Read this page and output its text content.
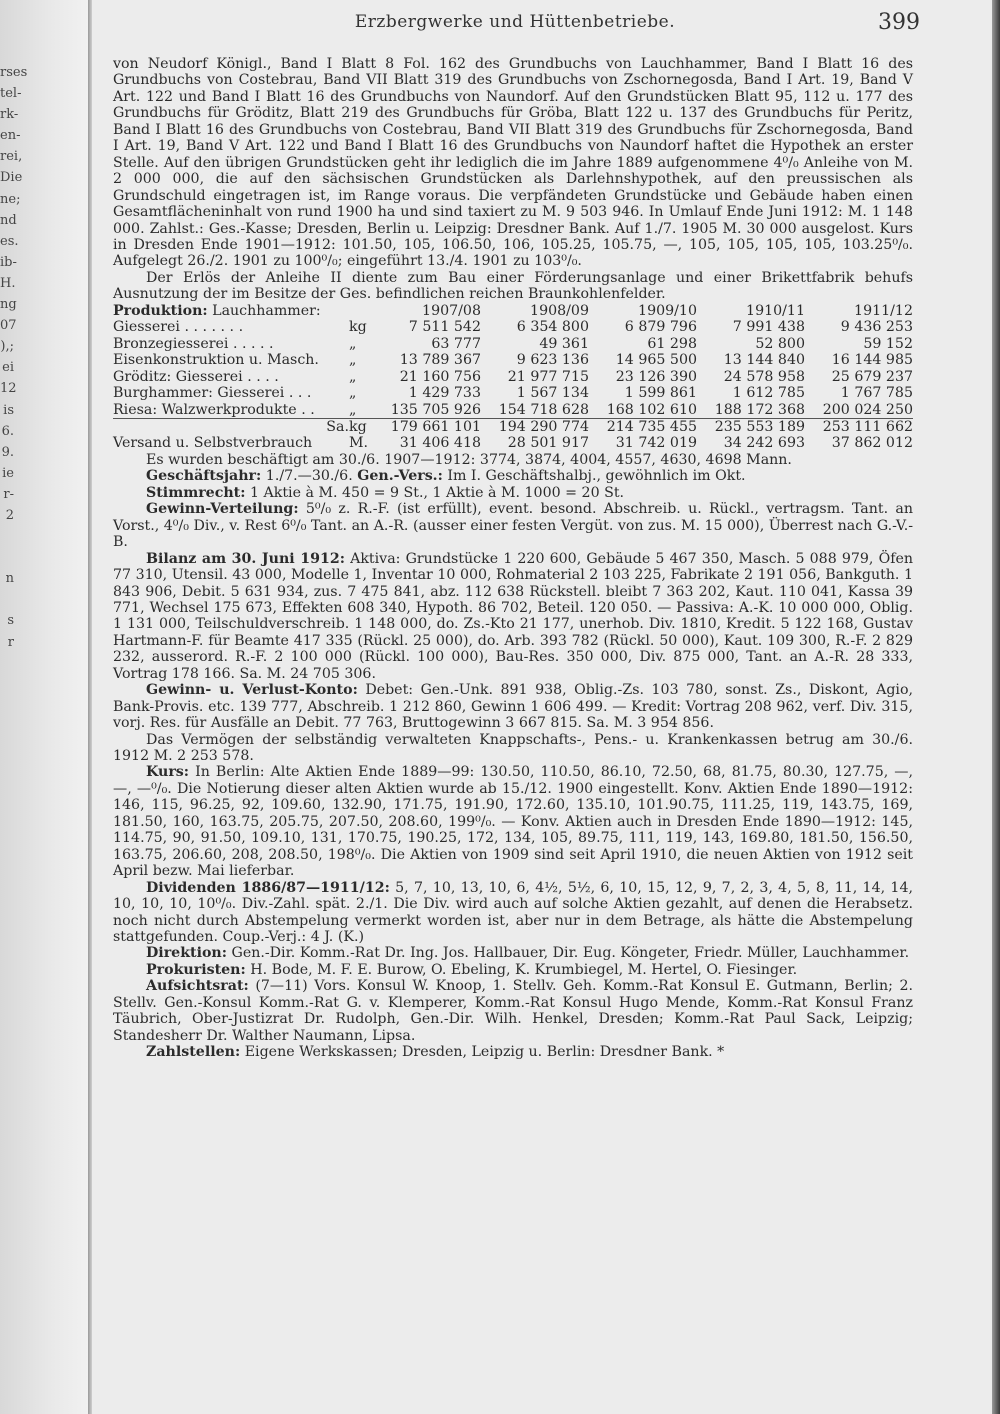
rses
tel-
rk-
en-
rei,
Die
ne;
nd
es.
ib-
H.
ng
07
),;
ei
12
is
6.
9.
ie
r-
2
n
s
r
Erzbergwerke und Hüttenbetriebe.	399

von Neudorf Königl., Band I Blatt 8 Fol. 162 des Grundbuchs von Lauchhammer, Band I Blatt 16 des Grundbuchs von Costebrau, Band VII Blatt 319 des Grundbuchs von Zschornegosda, Band I Art. 19, Band V Art. 122 und Band I Blatt 16 des Grundbuchs von Naundorf. Auf den Grundstücken Blatt 95, 112 u. 177 des Grundbuchs für Gröditz, Blatt 219 des Grundbuchs für Gröba, Blatt 122 u. 137 des Grundbuchs für Peritz, Band I Blatt 16 des Grundbuchs von Costebrau, Band VII Blatt 319 des Grundbuchs für Zschornegosda, Band I Art. 19, Band V Art. 122 und Band I Blatt 16 des Grundbuchs von Naundorf haftet die Hypothek an erster Stelle. Auf den übrigen Grundstücken geht ihr lediglich die im Jahre 1889 aufgenommene 4⁰/₀ Anleihe von M. 2 000 000, die auf den sächsischen Grundstücken als Darlehnshypothek, auf den preussischen als Grundschuld eingetragen ist, im Range voraus. Die verpfändeten Grundstücke und Gebäude haben einen Gesamtflächeninhalt von rund 1900 ha und sind taxiert zu M. 9 503 946. In Umlauf Ende Juni 1912: M. 1 148 000. Zahlst.: Ges.-Kasse; Dresden, Berlin u. Leipzig: Dresdner Bank. Auf 1./7. 1905 M. 30 000 ausgelost. Kurs in Dresden Ende 1901—1912: 101.50, 105, 106.50, 106, 105.25, 105.75, —, 105, 105, 105, 105, 103.25⁰/₀. Aufgelegt 26./2. 1901 zu 100⁰/₀; eingeführt 13./4. 1901 zu 103⁰/₀.

Der Erlös der Anleihe II diente zum Bau einer Förderungsanlage und einer Brikettfabrik behufs Ausnutzung der im Besitze der Ges. befindlichen reichen Braunkohlenfelder.

Produktion: Lauchhammer:		1907/08	1908/09	1909/10	1910/11	1911/12
Giesserei . . . . . . .	kg	7 511 542	6 354 800	6 879 796	7 991 438	9 436 253
Bronzegiesserei . . . . .	„	63 777	49 361	61 298	52 800	59 152
Eisenkonstruktion u. Masch.	„	13 789 367	9 623 136	14 965 500	13 144 840	16 144 985
Gröditz: Giesserei . . . .	„	21 160 756	21 977 715	23 126 390	24 578 958	25 679 237
Burghammer: Giesserei . . .	„	1 429 733	1 567 134	1 599 861	1 612 785	1 767 785
Riesa: Walzwerkprodukte . .	„	135 705 926	154 718 628	168 102 610	188 172 368	200 024 250
Sa.	kg	179 661 101	194 290 774	214 735 455	235 553 189	253 111 662
Versand u. Selbstverbrauch	M.	31 406 418	28 501 917	31 742 019	34 242 693	37 862 012

Es wurden beschäftigt am 30./6. 1907—1912: 3774, 3874, 4004, 4557, 4630, 4698 Mann.

Geschäftsjahr: 1./7.—30./6. Gen.-Vers.: Im I. Geschäftshalbj., gewöhnlich im Okt.

Stimmrecht: 1 Aktie à M. 450 = 9 St., 1 Aktie à M. 1000 = 20 St.

Gewinn-Verteilung: 5⁰/₀ z. R.-F. (ist erfüllt), event. besond. Abschreib. u. Rückl., vertragsm. Tant. an Vorst., 4⁰/₀ Div., v. Rest 6⁰/₀ Tant. an A.-R. (ausser einer festen Vergüt. von zus. M. 15 000), Überrest nach G.-V.-B.

Bilanz am 30. Juni 1912: Aktiva: Grundstücke 1 220 600, Gebäude 5 467 350, Masch. 5 088 979, Öfen 77 310, Utensil. 43 000, Modelle 1, Inventar 10 000, Rohmaterial 2 103 225, Fabrikate 2 191 056, Bankguth. 1 843 906, Debit. 5 631 934, zus. 7 475 841, abz. 112 638 Rückstell. bleibt 7 363 202, Kaut. 110 041, Kassa 39 771, Wechsel 175 673, Effekten 608 340, Hypoth. 86 702, Beteil. 120 050. — Passiva: A.-K. 10 000 000, Oblig. 1 131 000, Teilschuldverschreib. 1 148 000, do. Zs.-Kto 21 177, unerhob. Div. 1810, Kredit. 5 122 168, Gustav Hartmann-F. für Beamte 417 335 (Rückl. 25 000), do. Arb. 393 782 (Rückl. 50 000), Kaut. 109 300, R.-F. 2 829 232, ausserord. R.-F. 2 100 000 (Rückl. 100 000), Bau-Res. 350 000, Div. 875 000, Tant. an A.-R. 28 333, Vortrag 178 166. Sa. M. 24 705 306.

Gewinn- u. Verlust-Konto: Debet: Gen.-Unk. 891 938, Oblig.-Zs. 103 780, sonst. Zs., Diskont, Agio, Bank-Provis. etc. 139 777, Abschreib. 1 212 860, Gewinn 1 606 499. — Kredit: Vortrag 208 962, verf. Div. 315, vorj. Res. für Ausfälle an Debit. 77 763, Bruttogewinn 3 667 815. Sa. M. 3 954 856.

Das Vermögen der selbständig verwalteten Knappschafts-, Pens.- u. Krankenkassen betrug am 30./6. 1912 M. 2 253 578.

Kurs: In Berlin: Alte Aktien Ende 1889—99: 130.50, 110.50, 86.10, 72.50, 68, 81.75, 80.30, 127.75, —, —, —⁰/₀. Die Notierung dieser alten Aktien wurde ab 15./12. 1900 eingestellt. Konv. Aktien Ende 1890—1912: 146, 115, 96.25, 92, 109.60, 132.90, 171.75, 191.90, 172.60, 135.10, 101.90.75, 111.25, 119, 143.75, 169, 181.50, 160, 163.75, 205.75, 207.50, 208.60, 199⁰/₀. — Konv. Aktien auch in Dresden Ende 1890—1912: 145, 114.75, 90, 91.50, 109.10, 131, 170.75, 190.25, 172, 134, 105, 89.75, 111, 119, 143, 169.80, 181.50, 156.50, 163.75, 206.60, 208, 208.50, 198⁰/₀. Die Aktien von 1909 sind seit April 1910, die neuen Aktien von 1912 seit April bezw. Mai lieferbar.

Dividenden 1886/87—1911/12: 5, 7, 10, 13, 10, 6, 4½, 5½, 6, 10, 15, 12, 9, 7, 2, 3, 4, 5, 8, 11, 14, 14, 10, 10, 10, 10⁰/₀. Div.-Zahl. spät. 2./1. Die Div. wird auch auf solche Aktien gezahlt, auf denen die Herabsetz. noch nicht durch Abstempelung vermerkt worden ist, aber nur in dem Betrage, als hätte die Abstempelung stattgefunden. Coup.-Verj.: 4 J. (K.)

Direktion: Gen.-Dir. Komm.-Rat Dr. Ing. Jos. Hallbauer, Dir. Eug. Köngeter, Friedr. Müller, Lauchhammer.

Prokuristen: H. Bode, M. F. E. Burow, O. Ebeling, K. Krumbiegel, M. Hertel, O. Fiesinger.

Aufsichtsrat: (7—11) Vors. Konsul W. Knoop, 1. Stellv. Geh. Komm.-Rat Konsul E. Gutmann, Berlin; 2. Stellv. Gen.-Konsul Komm.-Rat G. v. Klemperer, Komm.-Rat Konsul Hugo Mende, Komm.-Rat Konsul Franz Täubrich, Ober-Justizrat Dr. Rudolph, Gen.-Dir. Wilh. Henkel, Dresden; Komm.-Rat Paul Sack, Leipzig; Standesherr Dr. Walther Naumann, Lipsa.

Zahlstellen: Eigene Werkskassen; Dresden, Leipzig u. Berlin: Dresdner Bank. *
